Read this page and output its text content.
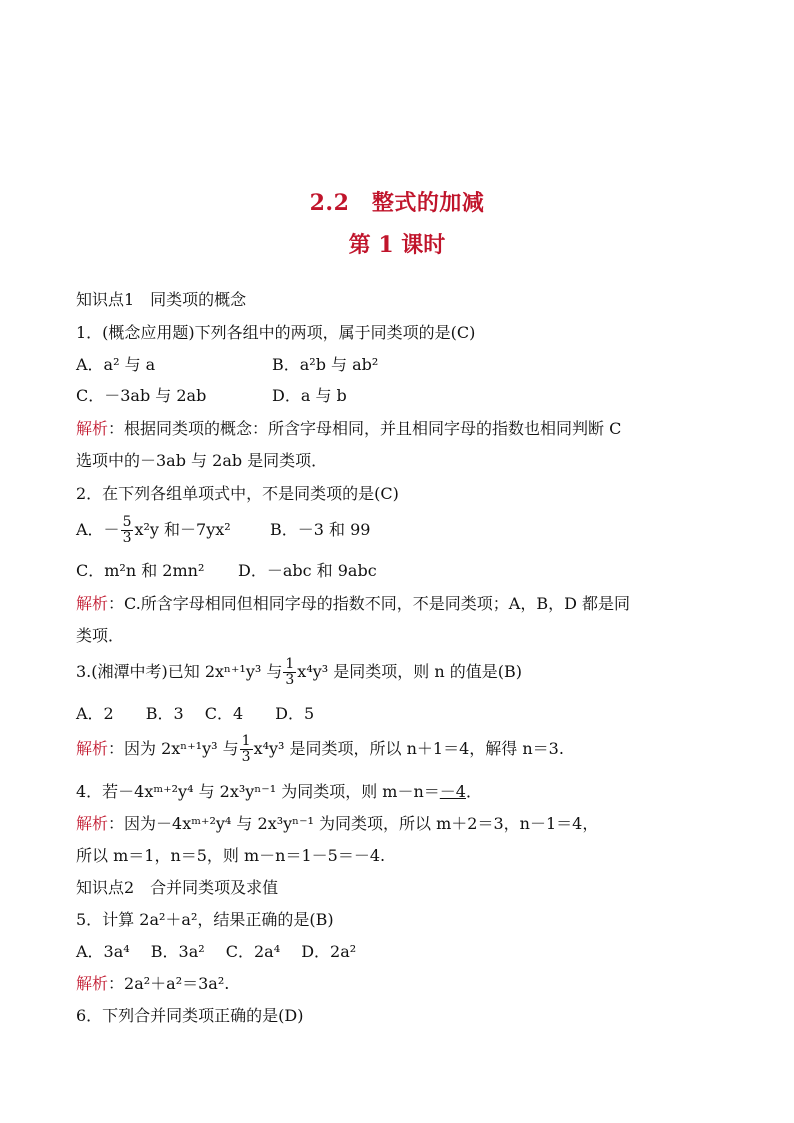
2.2　整式的加减
第 1 课时
知识点1　同类项的概念
1．(概念应用题)下列各组中的两项，属于同类项的是(C)
A．a² 与 a	B．a²b 与 ab²
C．－3ab 与 2ab	D．a 与 b
解析：根据同类项的概念：所含字母相同，并且相同字母的指数也相同判断 C
选项中的－3ab 与 2ab 是同类项．
2．在下列各组单项式中，不是同类项的是(C)
A．－ $\frac{5}{3} x^2y$ 和－7yx² B．－3 和 99
C．m²n 和 2mn² D．－abc 和 9abc
解析：C.所含字母相同但相同字母的指数不同，不是同类项；A，B，D 都是同
类项．
3.(湘潭中考)已知 2xⁿ⁺¹y³ 与 $\frac{1}{3} x^4y^3$ 是同类项，则 n 的值是(B)
A．2　　B．3　 C．4　　D．5
解析：因为 2xⁿ⁺¹y³ 与 $\frac{1}{3} x^4y^3$ 是同类项，所以 n＋1＝4，解得 n＝3.
4．若－4xᵐ⁺²y⁴ 与 2x³yⁿ⁻¹ 为同类项，则 m－n＝－4．
解析：因为－4xᵐ⁺²y⁴ 与 2x³yⁿ⁻¹ 为同类项，所以 m＋2＝3，n－1＝4，
所以 m＝1，n＝5，则 m－n＝1－5＝－4.
知识点2　合并同类项及求值
5．计算 2a²＋a²，结果正确的是(B)
A．3a⁴　 B．3a²　 C．2a⁴　 D．2a²
解析：2a²＋a²＝3a².
6．下列合并同类项正确的是(D)
